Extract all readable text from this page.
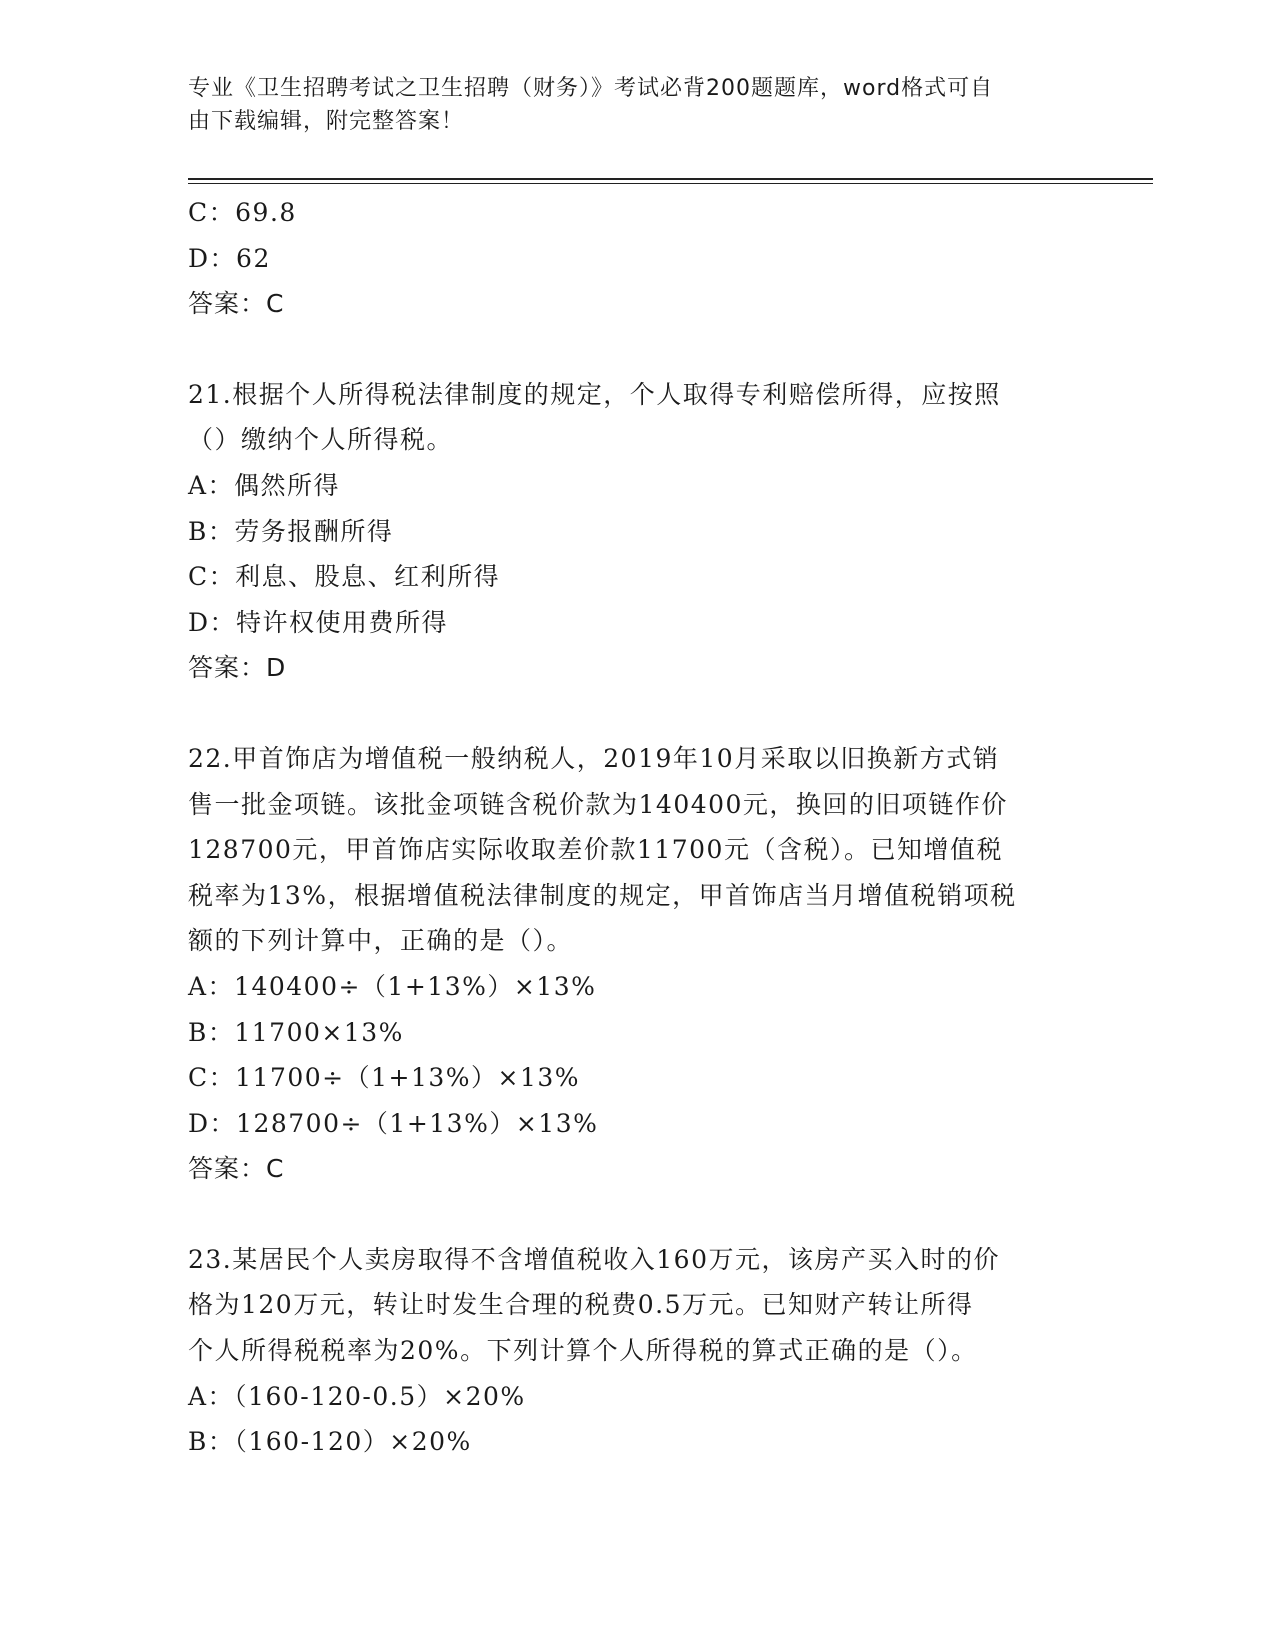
专业《卫生招聘考试之卫生招聘（财务）》考试必背200题题库，word格式可自
由下载编辑，附完整答案！
C：69.8
D：62
答案：C
21.根据个人所得税法律制度的规定，个人取得专利赔偿所得，应按照
（）缴纳个人所得税。
A：偶然所得
B：劳务报酬所得
C：利息、股息、红利所得
D：特许权使用费所得
答案：D
22.甲首饰店为增值税一般纳税人，2019年10月采取以旧换新方式销
售一批金项链。该批金项链含税价款为140400元，换回的旧项链作价
128700元，甲首饰店实际收取差价款11700元（含税）。已知增值税
税率为13%，根据增值税法律制度的规定，甲首饰店当月增值税销项税
额的下列计算中，正确的是（）。
A：140400÷（1+13%）×13%
B：11700×13%
C：11700÷（1+13%）×13%
D：128700÷（1+13%）×13%
答案：C
23.某居民个人卖房取得不含增值税收入160万元，该房产买入时的价
格为120万元，转让时发生合理的税费0.5万元。已知财产转让所得
个人所得税税率为20%。下列计算个人所得税的算式正确的是（）。
A：（160-120-0.5）×20%
B：（160-120）×20%
